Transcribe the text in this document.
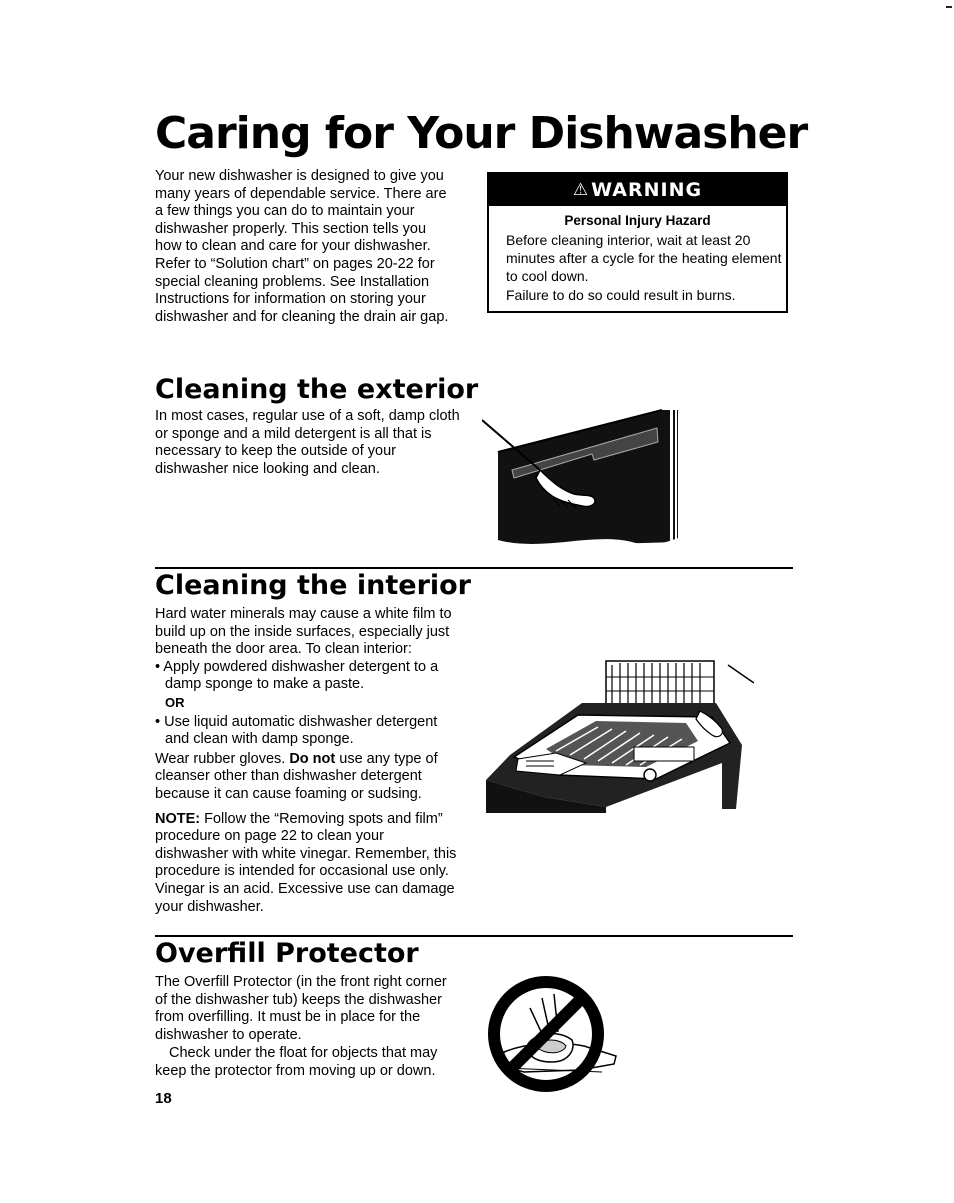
Caring for Your Dishwasher
Your new dishwasher is designed to give you many years of dependable service. There are a few things you can do to maintain your dishwasher properly. This section tells you how to clean and care for your dishwasher. Refer to “Solution chart” on pages 20-22 for special cleaning problems. See Installation Instructions for information on storing your dishwasher and for cleaning the drain air gap.
⚠ WARNING
Personal Injury Hazard
Before cleaning interior, wait at least 20 minutes after a cycle for the heating element to cool down.
Failure to do so could result in burns.
Cleaning the exterior
In most cases, regular use of a soft, damp cloth or sponge and a mild detergent is all that is necessary to keep the outside of your dishwasher nice looking and clean.
Cleaning the interior
Hard water minerals may cause a white film to build up on the inside surfaces, especially just beneath the door area. To clean interior:
• Apply powdered dishwasher detergent to a damp sponge to make a paste.
OR
• Use liquid automatic dishwasher detergent and clean with damp sponge.
Wear rubber gloves. Do not use any type of cleanser other than dishwasher detergent because it can cause foaming or sudsing.
NOTE: Follow the “Removing spots and film” procedure on page 22 to clean your dishwasher with white vinegar. Remember, this procedure is intended for occasional use only. Vinegar is an acid. Excessive use can damage your dishwasher.
Overfill Protector
The Overfill Protector (in the front right corner of the dishwasher tub) keeps the dishwasher from overfilling. It must be in place for the dishwasher to operate.
Check under the float for objects that may keep the protector from moving up or down.
18
